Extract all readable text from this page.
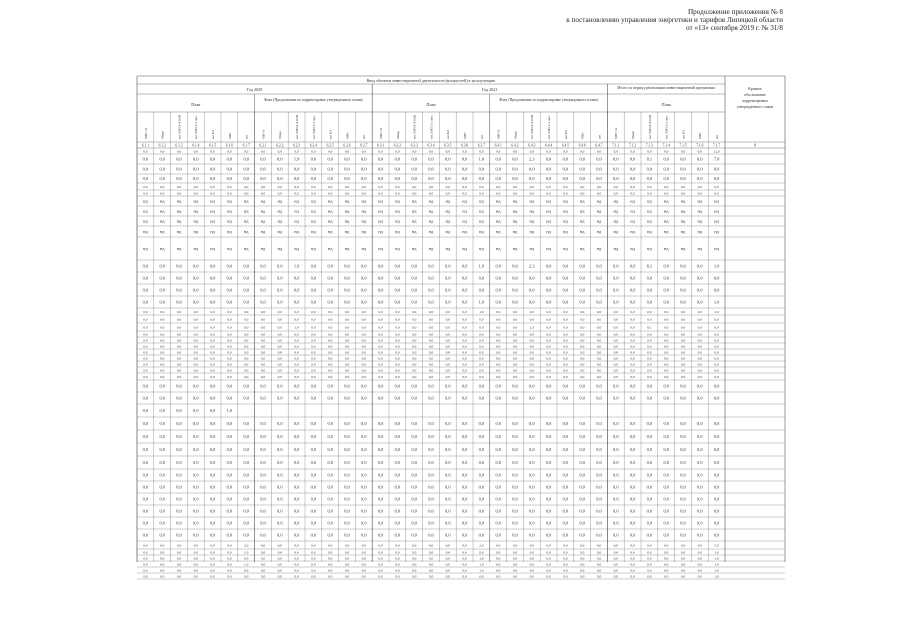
Продолжение приложения № 8
к постановлению управления энергетики и тарифов Липецкой области
от «13» сентября 2019 г. № 31/8
Ввод объектов инвестиционной деятельности (мощностей) в эксплуатацию
Год 2020	Год 2021	Итого за период реализации инвестиционной программы
План
Факт (Предложение по корректировке утвержденного плана)
План
Факт (Предложение по корректировке утвержденного плана)
План
Краткое
обоснование
корректировки
утвержденного плана
МВт×А	Мвар	км ЛЭП 0-4,0 кВ	км ЛЭП 2-х цеп.	км КЛ	МВт	шт	МВ×А	Мвар	км ЛЭП 0-4,0 кВ	км ЛЭП 2-х цеп.	км КЛ	МВт	шт	МВт×А	Мвар	км ЛЭП 0-4,0 кВ	км ЛЭП 2-х цеп.	км КЛ	МВт	шт	МВ×А	Мвар	км ЛЭП 0-4,0 кВ	км ЛЭП 2-х цеп.	км КЛ	МВт	шт	МВт×А	Мвар	км ЛЭП 0-4,0 кВ	км ЛЭП 2-х цеп.	км КЛ	МВт	шт
6.1.1	6.1.2	6.1.3	6.1.4	6.1.5	6.1.6	6.1.7	6.2.1	6.2.2	6.2.3	6.2.4	6.2.5	6.2.6	6.2.7	6.3.1	6.3.2	6.3.3	6.3.4	6.3.5	6.3.6	6.3.7	6.4.1	6.4.2	6.4.3	6.4.4	6.4.5	6.4.6	6.4.7	7.1.1	7.1.2	7.1.3	7.1.4	7.1.5	7.1.6	7.1.7	8
0,0	0,0	0,0	0,0	0,0	0,0	0,0	0,0	0,0	0,0	0,0	0,0	0,0	0,0	0,0	0,0	0,0	0,0	0,0	0,0	0,0	0,0	0,0	0,0	0,0	0,0	0,0	0,0	0,0	0,0	0,0	0,0	0,0	0,0	12,0
0,0	0,0	0,0	0,0	0,0	0,0	0,0	0,0	0,0	1,9	0,0	0,0	0,0	0,0	0,0	0,0	0,0	0,0	0,0	0,0	1,0	0,0	0,0	2,3	0,0	0,0	0,0	0,0	0,0	0,0	8,1	0,0	0,0	0,0	7,0
0,0	0,0	0,0	0,0	0,0	0,0	0,0	0,0	0,0	0,0	0,0	0,0	0,0	0,0	0,0	0,0	0,0	0,0	0,0	0,0	0,0	0,0	0,0	0,0	0,0	0,0	0,0	0,0	0,0	0,0	0,0	0,0	0,0	0,0	0,0
0,0	0,0	0,0	0,0	0,0	0,0	0,0	0,0	0,0	0,0	0,0	0,0	0,0	0,0	0,0	0,0	0,0	0,0	0,0	0,0	0,0	0,0	0,0	0,0	0,0	0,0	0,0	0,0	0,0	0,0	0,0	0,0	0,0	0,0	0,0
0,0	0,0	0,0	0,0	0,0	0,0	0,0	0,0	0,0	0,0	0,0	0,0	0,0	0,0	0,0	0,0	0,0	0,0	0,0	0,0	0,0	0,0	0,0	0,0	0,0	0,0	0,0	0,0	0,0	0,0	0,0	0,0	0,0	0,0	0,0
0,0	0,0	0,0	0,0	0,0	0,0	0,0	0,0	0,0	0,0	0,0	0,0	0,0	0,0	0,0	0,0	0,0	0,0	0,0	0,0	0,0	0,0	0,0	0,0	0,0	0,0	0,0	0,0	0,0	0,0	0,0	0,0	0,0	0,0	0,0
нд	нд	нд	нд	нд	нд	нд	нд	нд	нд	нд	нд	нд	нд	нд	нд	нд	нд	нд	нд	нд	нд	нд	нд	нд	нд	нд	нд	нд	нд	нд	нд	нд	нд	нд
нд	нд	нд	нд	нд	нд	нд	нд	нд	нд	нд	нд	нд	нд	нд	нд	нд	нд	нд	нд	нд	нд	нд	нд	нд	нд	нд	нд	нд	нд	нд	нд	нд	нд	нд
нд	нд	нд	нд	нд	нд	нд	нд	нд	нд	нд	нд	нд	нд	нд	нд	нд	нд	нд	нд	нд	нд	нд	нд	нд	нд	нд	нд	нд	нд	нд	нд	нд	нд	нд
нд	нд	нд	нд	нд	нд	нд	нд	нд	нд	нд	нд	нд	нд	нд	нд	нд	нд	нд	нд	нд	нд	нд	нд	нд	нд	нд	нд	нд	нд	нд	нд	нд	нд	нд
нд	нд	нд	нд	нд	нд	нд	нд	нд	нд	нд	нд	нд	нд	нд	нд	нд	нд	нд	нд	нд	нд	нд	нд	нд	нд	нд	нд	нд	нд	нд	нд	нд	нд	нд
0,0	0,0	0,0	0,0	0,0	0,0	0,0	0,0	0,0	1,9	0,0	0,0	0,0	0,0	0,0	0,0	0,0	0,0	0,0	0,0	1,0	0,0	0,0	2,3	0,0	0,0	0,0	0,0	0,0	0,0	8,1	0,0	0,0	0,0	1,0
0,0	0,0	0,0	0,0	0,0	0,0	0,0	0,0	0,0	0,0	0,0	0,0	0,0	0,0	0,0	0,0	0,0	0,0	0,0	0,0	0,0	0,0	0,0	0,0	0,0	0,0	0,0	0,0	0,0	0,0	0,0	0,0	0,0	0,0	0,0
0,0	0,0	0,0	0,0	0,0	0,0	0,0	0,0	0,0	0,0	0,0	0,0	0,0	0,0	0,0	0,0	0,0	0,0	0,0	0,0	0,0	0,0	0,0	0,0	0,0	0,0	0,0	0,0	0,0	0,0	0,0	0,0	0,0	0,0	0,0
0,0	0,0	0,0	0,0	0,0	0,0	0,0	0,0	0,0	0,0	0,0	0,0	0,0	0,0	0,0	0,0	0,0	0,0	0,0	0,0	1,0	0,0	0,0	0,0	0,0	0,0	0,0	0,0	0,0	0,0	0,0	0,0	0,0	0,0	1,0
0,0	0,0	0,0	0,0	0,0	0,0	0,0	0,0	0,0	0,0	0,0	0,0	0,0	0,0	0,0	0,0	0,0	0,0	0,0	0,0	1,0	0,0	0,0	0,0	0,0	0,0	0,0	0,0	0,0	0,0	0,0	0,0	0,0	0,0	1,0
0,0	0,0	0,0	0,0	0,0	0,0	0,0	0,0	0,0	0,0	0,0	0,0	0,0	0,0	0,0	0,0	0,0	0,0	0,0	0,0	0,0	0,0	0,0	0,0	0,0	0,0	0,0	0,0	0,0	0,0	0,0	0,0	0,0	0,0	0,0
0,0	0,0	0,0	0,0	0,0	0,0	0,0	0,0	0,0	1,9	0,0	0,0	0,0	0,0	0,0	0,0	0,0	0,0	0,0	0,0	0,0	0,0	0,0	2,3	0,0	0,0	0,0	0,0	0,0	0,0	8,1	0,0	0,0	0,0	0,0
0,0	0,0	0,0	0,0	0,0	0,0	0,0	0,0	0,0	0,0	0,0	0,0	0,0	0,0	0,0	0,0	0,0	0,0	0,0	0,0	0,0	0,0	0,0	0,0	0,0	0,0	0,0	0,0	0,0	0,0	0,0	0,0	0,0	0,0	0,0
0,0	0,0	0,0	0,0	0,0	0,0	0,0	0,0	0,0	0,0	0,0	0,0	0,0	0,0	0,0	0,0	0,0	0,0	0,0	0,0	0,0	0,0	0,0	0,0	0,0	0,0	0,0	0,0	0,0	0,0	0,0	0,0	0,0	0,0	0,0
0,0	0,0	0,0	0,0	0,0	0,0	0,0	0,0	0,0	0,0	0,0	0,0	0,0	0,0	0,0	0,0	0,0	0,0	0,0	0,0	0,0	0,0	0,0	0,0	0,0	0,0	0,0	0,0	0,0	0,0	0,0	0,0	0,0	0,0	0,0
0,0	0,0	0,0	0,0	0,0	0,0	0,0	0,0	0,0	0,0	0,0	0,0	0,0	0,0	0,0	0,0	0,0	0,0	0,0	0,0	0,0	0,0	0,0	0,0	0,0	0,0	0,0	0,0	0,0	0,0	0,0	0,0	0,0	0,0	0,0
0,0	0,0	0,0	0,0	0,0	0,0	0,0	0,0	0,0	0,0	0,0	0,0	0,0	0,0	0,0	0,0	0,0	0,0	0,0	0,0	0,0	0,0	0,0	0,0	0,0	0,0	0,0	0,0	0,0	0,0	0,0	0,0	0,0	0,0	0,0
0,0	0,0	0,0	0,0	0,0	0,0	0,0	0,0	0,0	0,0	0,0	0,0	0,0	0,0	0,0	0,0	0,0	0,0	0,0	0,0	0,0	0,0	0,0	0,0	0,0	0,0	0,0	0,0	0,0	0,0	0,0	0,0	0,0	0,0	0,0
0,0	0,0	0,0	0,0	0,0	0,0	0,0	0,0	0,0	0,0	0,0	0,0	0,0	0,0	0,0	0,0	0,0	0,0	0,0	0,0	0,0	0,0	0,0	0,0	0,0	0,0	0,0	0,0	0,0	0,0	0,0	0,0	0,0	0,0	0,0
0,0	0,0	0,0	0,0	0,0	0,0	0,0	0,0	0,0	0,0	0,0	0,0	0,0	0,0	0,0	0,0	0,0	0,0	0,0	0,0	0,0	0,0	0,0	0,0	0,0	0,0	0,0	0,0	0,0	0,0	0,0	0,0	0,0	0,0	0,0
0,0	0,0	0,0	0,0	0,0	0,0	0,0	0,0	0,0	0,0	0,0	0,0	0,0	0,0	0,0	0,0	0,0	0,0	0,0	0,0	0,0	0,0	0,0	0,0	0,0	0,0	0,0	0,0	0,0	0,0	0,0	0,0	0,0	0,0	0,0
0,0	0,0	0,0	0,0	0,0	0,0	0,0	0,0	0,0	0,0	0,0	0,0	0,0	0,0	0,0	0,0	0,0	0,0	0,0	0,0	0,0	0,0	0,0	0,0	0,0	0,0	0,0	0,0	0,0	0,0	0,0	0,0	0,0	0,0	0,0
0,0	0,0	0,0	0,0	0,0	1,0
0,0	0,0	0,0	0,0	0,0	0,0	0,0	0,0	0,0	0,0	0,0	0,0	0,0	0,0	0,0	0,0	0,0	0,0	0,0	0,0	0,0	0,0	0,0	0,0	0,0	0,0	0,0	0,0	0,0	0,0	0,0	0,0	0,0	0,0	0,0
0,0	0,0	0,0	0,0	0,0	0,0	0,0	0,0	0,0	0,0	0,0	0,0	0,0	0,0	0,0	0,0	0,0	0,0	0,0	0,0	0,0	0,0	0,0	0,0	0,0	0,0	0,0	0,0	0,0	0,0	0,0	0,0	0,0	0,0	0,0
0,0	0,0	0,0	0,0	0,0	0,0	0,0	0,0	0,0	0,0	0,0	0,0	0,0	0,0	0,0	0,0	0,0	0,0	0,0	0,0	0,0	0,0	0,0	0,0	0,0	0,0	0,0	0,0	0,0	0,0	0,0	0,0	0,0	0,0	0,0
0,0	0,0	0,0	0,0	0,0	0,0	0,0	0,0	0,0	0,0	0,0	0,0	0,0	0,0	0,0	0,0	0,0	0,0	0,0	0,0	0,0	0,0	0,0	0,0	0,0	0,0	0,0	0,0	0,0	0,0	0,0	0,0	0,0	0,0	0,0
0,0	0,0	0,0	0,0	0,0	0,0	0,0	0,0	0,0	0,0	0,0	0,0	0,0	0,0	0,0	0,0	0,0	0,0	0,0	0,0	0,0	0,0	0,0	0,0	0,0	0,0	0,0	0,0	0,0	0,0	0,0	0,0	0,0	0,0	0,0
0,0	0,0	0,0	0,0	0,0	0,0	0,0	0,0	0,0	0,0	0,0	0,0	0,0	0,0	0,0	0,0	0,0	0,0	0,0	0,0	0,0	0,0	0,0	0,0	0,0	0,0	0,0	0,0	0,0	0,0	0,0	0,0	0,0	0,0	0,0
0,0	0,0	0,0	0,0	0,0	0,0	0,0	0,0	0,0	0,0	0,0	0,0	0,0	0,0	0,0	0,0	0,0	0,0	0,0	0,0	0,0	0,0	0,0	0,0	0,0	0,0	0,0	0,0	0,0	0,0	0,0	0,0	0,0	0,0	0,0
0,0	0,0	0,0	0,0	0,0	0,0	0,0	0,0	0,0	0,0	0,0	0,0	0,0	0,0	0,0	0,0	0,0	0,0	0,0	0,0	0,0	0,0	0,0	0,0	0,0	0,0	0,0	0,0	0,0	0,0	0,0	0,0	0,0	0,0	0,0
0,0	0,0	0,0	0,0	0,0	0,0	0,0	0,0	0,0	0,0	0,0	0,0	0,0	0,0	0,0	0,0	0,0	0,0	0,0	0,0	0,0	0,0	0,0	0,0	0,0	0,0	0,0	0,0	0,0	0,0	0,0	0,0	0,0	0,0	0,0
0,0	0,0	0,0	0,0	0,0	0,0	0,0	0,0	0,0	0,0	0,0	0,0	0,0	0,0	0,0	0,0	0,0	0,0	0,0	0,0	0,0	0,0	0,0	0,0	0,0	0,0	0,0	0,0	0,0	0,0	0,0	0,0	0,0	0,0	0,0
0,0	0,0	0,0	0,0	0,0	0,0	2,0	0,0	0,0	0,0	0,0	0,0	0,0	0,0	0,0	0,0	0,0	0,0	0,0	0,0	2,0	0,0	0,0	0,0	0,0	0,0	0,0	0,0	0,0	0,0	0,0	0,0	0,0	0,0	5,0
0,0	0,0	0,0	0,0	0,0	0,0	1,0	0,0	0,0	0,0	0,0	0,0	0,0	0,0	0,0	0,0	0,0	0,0	0,0	0,0	0,0	0,0	0,0	0,0	0,0	0,0	0,0	0,0	0,0	0,0	0,0	0,0	0,0	0,0	1,0
0,0	0,0	0,0	0,0	0,0	0,0	0,0	0,0	0,0	0,0	0,0	0,0	0,0	0,0	0,0	0,0	0,0	0,0	0,0	0,0	1,0	0,0	0,0	0,0	0,0	0,0	0,0	0,0	0,0	0,0	0,0	0,0	0,0	0,0	1,0
0,0	0,0	0,0	0,0	0,0	0,0	1,0	0,0	0,0	0,0	0,0	0,0	0,0	0,0	0,0	0,0	0,0	0,0	0,0	0,0	1,0	0,0	0,0	0,0	0,0	0,0	0,0	0,0	0,0	0,0	0,0	0,0	0,0	0,0	1,0
0,0	0,0	0,0	0,0	0,0	0,0	0,0	0,0	0,0	0,0	0,0	0,0	0,0	0,0	0,0	0,0	0,0	0,0	0,0	0,0	1,0	0,0	0,0	0,0	0,0	0,0	0,0	0,0	0,0	0,0	0,0	0,0	0,0	0,0	1,0
0,0	0,0	0,0	0,0	0,0	0,0	0,0	0,0	0,0	0,0	0,0	0,0	0,0	0,0	0,0	0,0	0,0	0,0	0,0	0,0	0,0	0,0	0,0	0,0	0,0	0,0	0,0	0,0	0,0	0,0	0,0	0,0	0,0	0,0	1,0
